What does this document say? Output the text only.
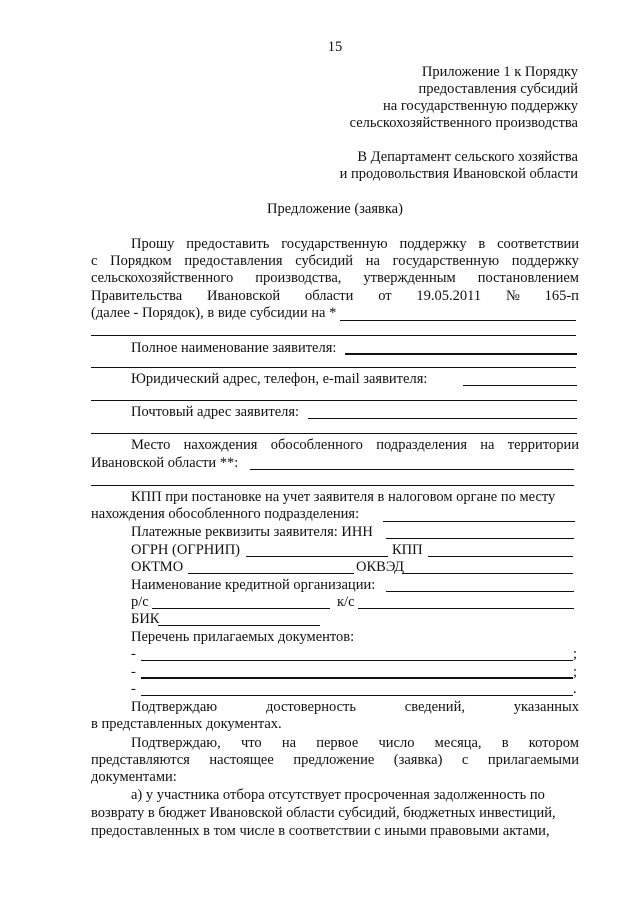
15
Приложение 1 к Порядку
предоставления субсидий
на государственную поддержку
сельскохозяйственного производства
В Департамент сельского хозяйства
и продовольствия Ивановской области
Предложение (заявка)
Прошу предоставить государственную поддержку в соответствии
с Порядком предоставления субсидий на государственную поддержку
сельскохозяйственного производства, утвержденным постановлением
Правительства Ивановской области от 19.05.2011 № 165-п
(далее - Порядок), в виде субсидии на *
Полное наименование заявителя:
Юридический адрес, телефон, e-mail заявителя:
Почтовый адрес заявителя:
Место нахождения обособленного подразделения на территории
Ивановской области **:
КПП при постановке на учет заявителя в налоговом органе по месту
нахождения обособленного подразделения:
Платежные реквизиты заявителя: ИНН
ОГРН (ОГРНИП)	КПП
ОКТМО	ОКВЭД
Наименование кредитной организации:
р/с	к/с
БИК
Перечень прилагаемых документов:
-	;
-	;
-	.
Подтверждаю	достоверность	сведений,	указанных
в представленных документах.
Подтверждаю, что на первое число месяца, в котором
представляются настоящее предложение (заявка) с прилагаемыми
документами:
а) у участника отбора отсутствует просроченная задолженность по
возврату в бюджет Ивановской области субсидий, бюджетных инвестиций,
предоставленных в том числе в соответствии с иными правовыми актами,
